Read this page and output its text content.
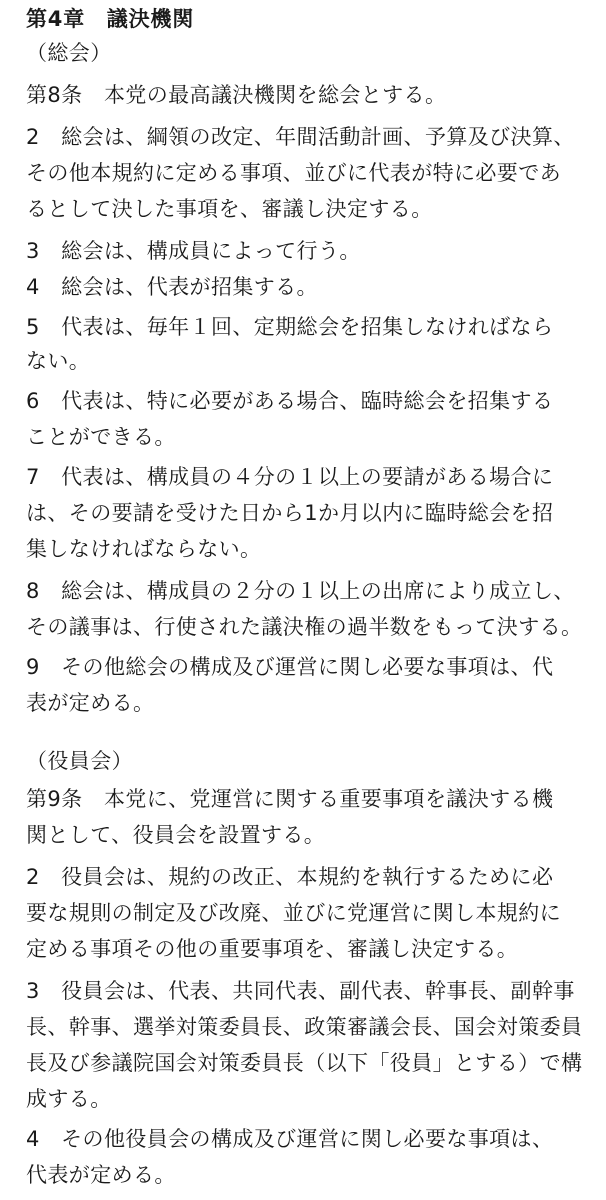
第4章　議決機関
（総会）
第8条　本党の最高議決機関を総会とする。
2　総会は、綱領の改定、年間活動計画、予算及び決算、
その他本規約に定める事項、並びに代表が特に必要であ
るとして決した事項を、審議し決定する。
3　総会は、構成員によって行う。
4　総会は、代表が招集する。
5　代表は、毎年１回、定期総会を招集しなければなら
ない。
6　代表は、特に必要がある場合、臨時総会を招集する
ことができる。
7　代表は、構成員の４分の１以上の要請がある場合に
は、その要請を受けた日から1か月以内に臨時総会を招
集しなければならない。
8　総会は、構成員の２分の１以上の出席により成立し、
その議事は、行使された議決権の過半数をもって決する。
9　その他総会の構成及び運営に関し必要な事項は、代
表が定める。
（役員会）
第9条　本党に、党運営に関する重要事項を議決する機
関として、役員会を設置する。
2　役員会は、規約の改正、本規約を執行するために必
要な規則の制定及び改廃、並びに党運営に関し本規約に
定める事項その他の重要事項を、審議し決定する。
3　役員会は、代表、共同代表、副代表、幹事長、副幹事
長、幹事、選挙対策委員長、政策審議会長、国会対策委員
長及び参議院国会対策委員長（以下「役員」とする）で構
成する。
4　その他役員会の構成及び運営に関し必要な事項は、
代表が定める。
